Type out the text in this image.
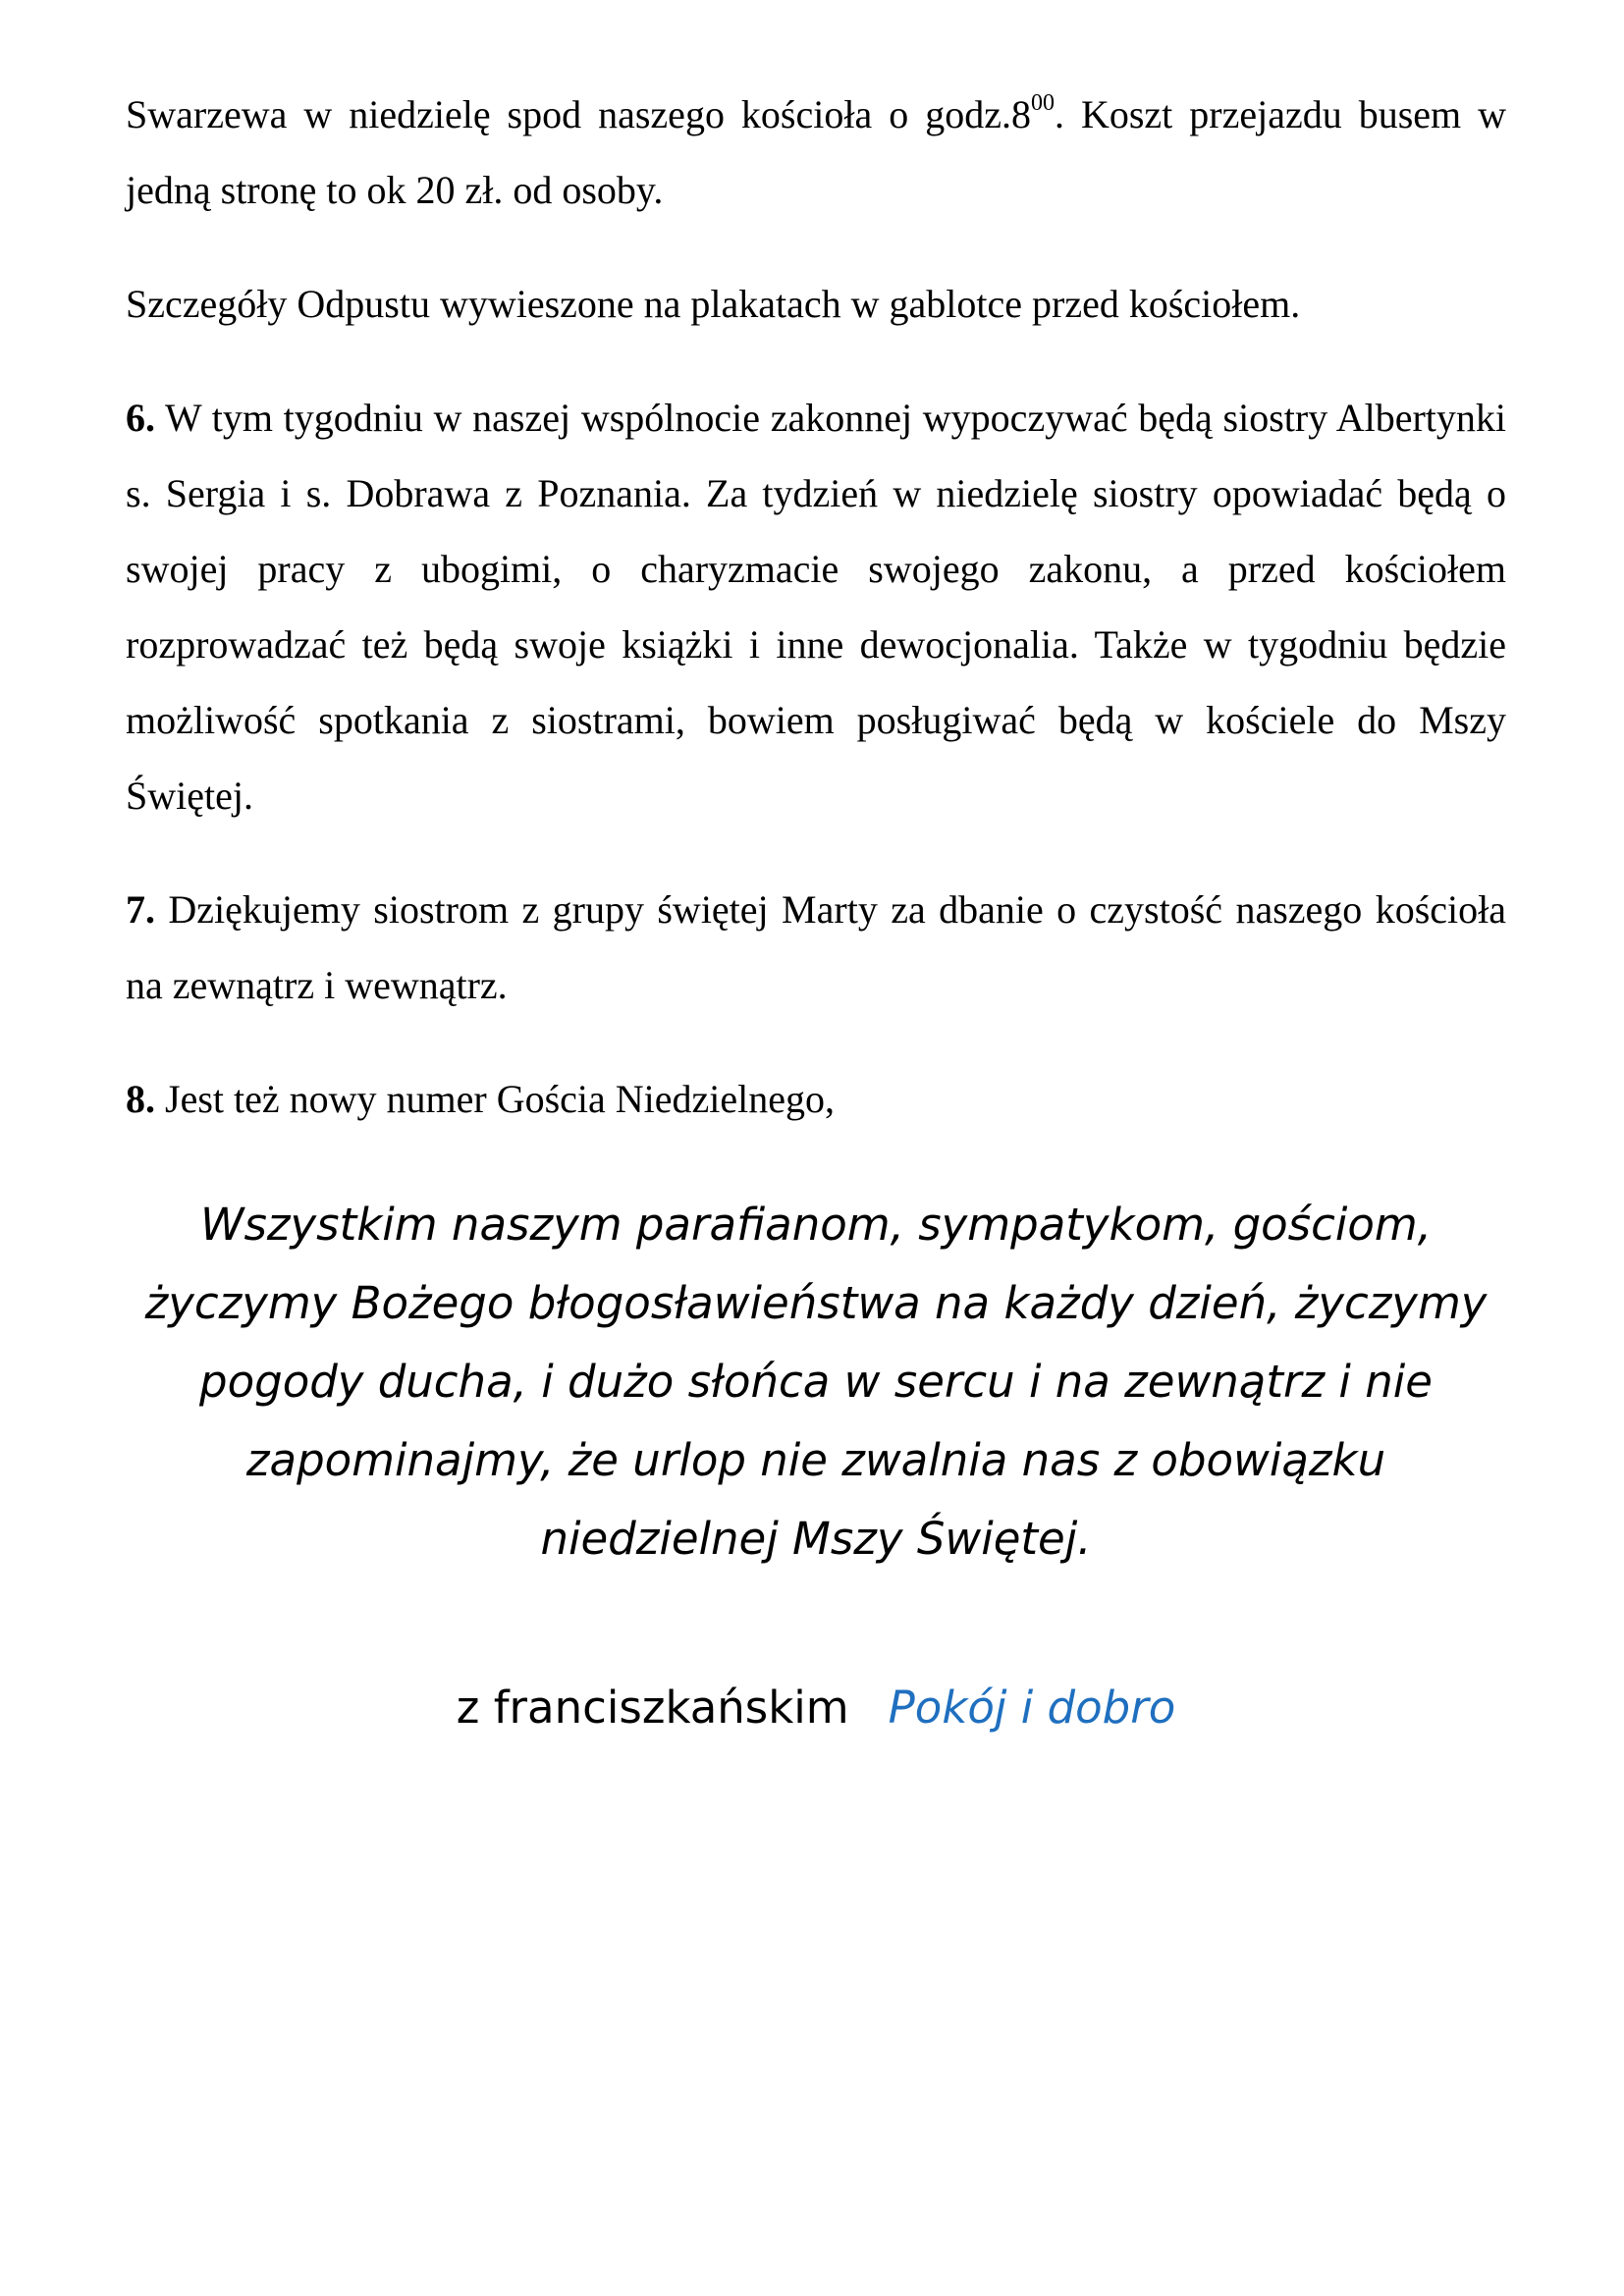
Swarzewa w niedzielę spod naszego kościoła o $godz.8^{00}$. Koszt przejazdu busem w jedną stronę to ok 20 zł. od osoby.

Szczegóły Odpustu wywieszone na plakatach w gablotce przed kościołem.

6. W tym tygodniu w naszej wspólnocie zakonnej wypoczywać będą siostry Albertynki s. Sergia i s. Dobrawa z Poznania. Za tydzień w niedzielę siostry opowiadać będą o swojej pracy z ubogimi, o charyzmacie swojego zakonu, a przed kościołem rozprowadzać też będą swoje książki i inne dewocjonalia. Także w tygodniu będzie możliwość spotkania z siostrami, bowiem posługiwać będą w kościele do Mszy Świętej.

7. Dziękujemy siostrom z grupy świętej Marty za dbanie o czystość naszego kościoła na zewnątrz i wewnątrz.

8. Jest też nowy numer Gościa Niedzielnego,

Wszystkim naszym parafianom, sympatykom, gościom,
życzymy Bożego błogosławieństwa na każdy dzień, życzymy
pogody ducha, i dużo słońca w sercu i na zewnątrz i nie
zapominajmy, że urlop nie zwalnia nas z obowiązku
niedzielnej Mszy Świętej.
z franciszkańskim Pokój i dobro
